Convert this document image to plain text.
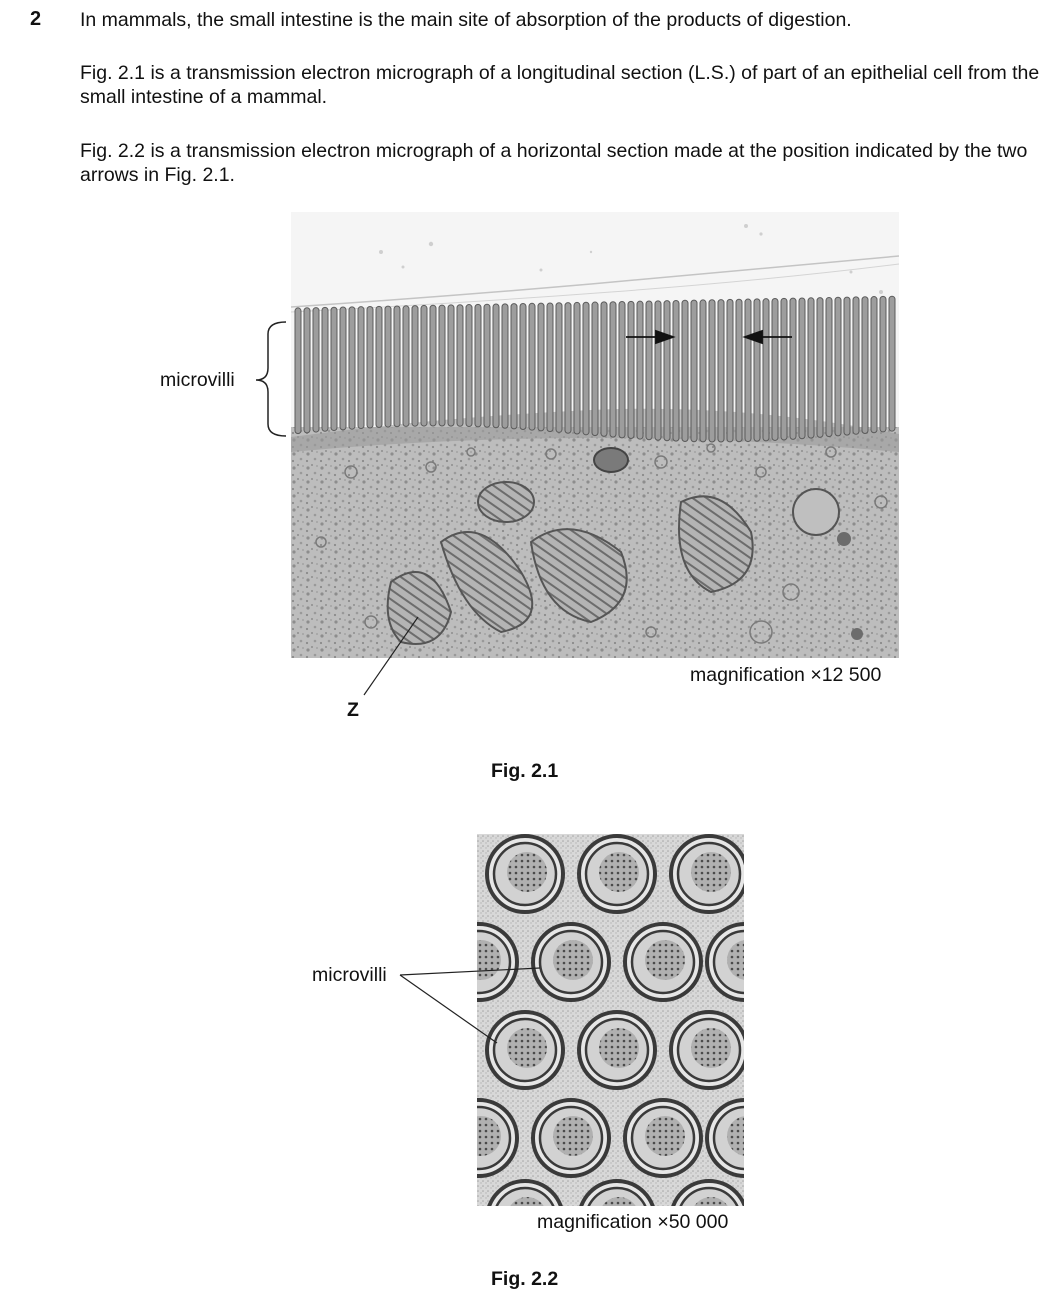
2 In mammals, the small intestine is the main site of absorption of the products of digestion.
Fig. 2.1 is a transmission electron micrograph of a longitudinal section (L.S.) of part of an epithelial cell from the small intestine of a mammal.
Fig. 2.2 is a transmission electron micrograph of a horizontal section made at the position indicated by the two arrows in Fig. 2.1.
microvilli
Z
magnification ×12 500
Fig. 2.1
microvilli
magnification ×50 000
Fig. 2.2
